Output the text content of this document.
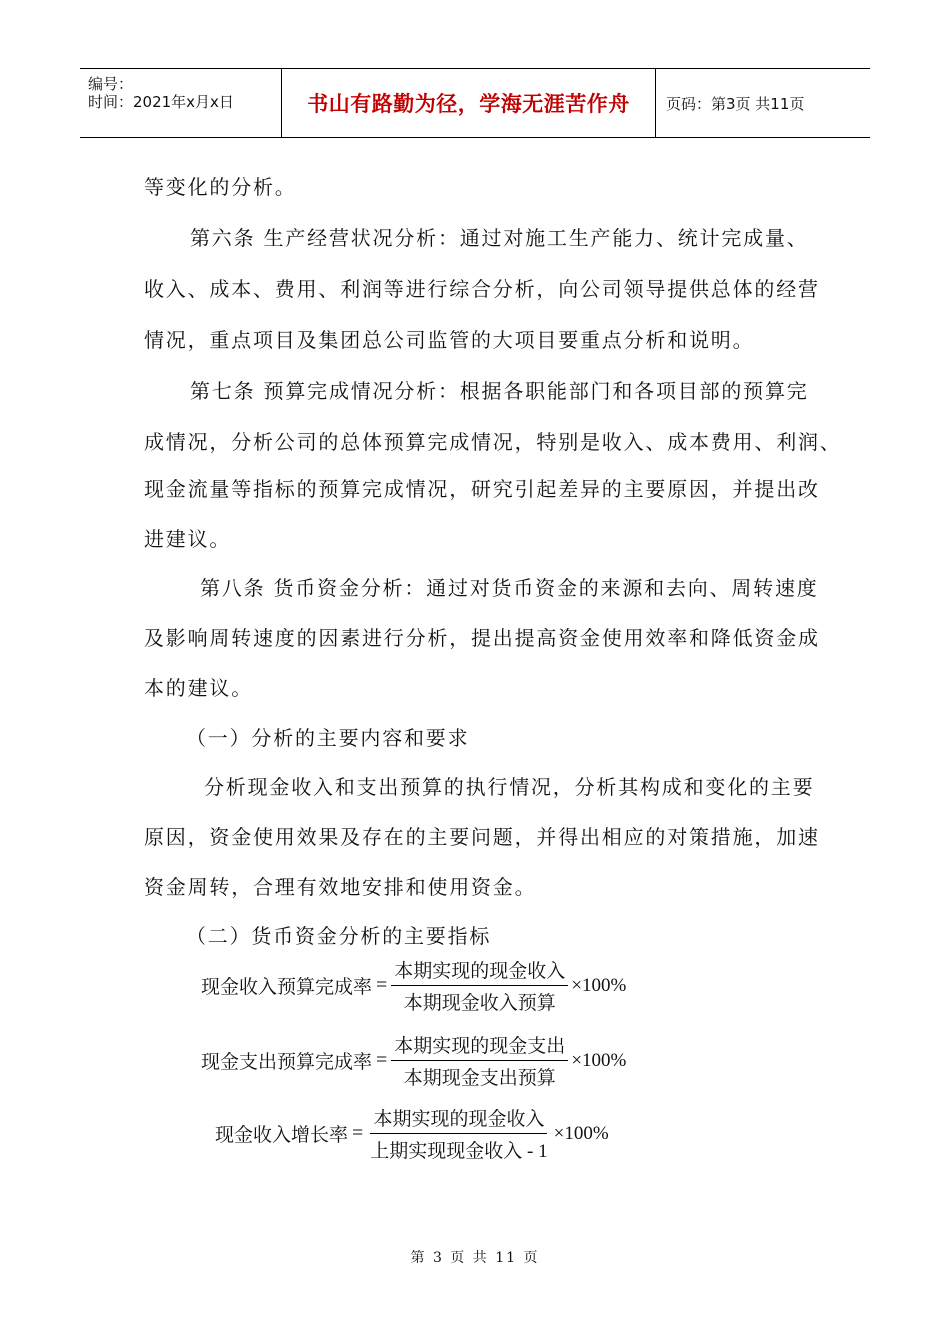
编号：
时间：2021年x月x日	书山有路勤为径，学海无涯苦作舟 页码：第3页 共11页
等变化的分析。
第六条 生产经营状况分析：通过对施工生产能力、统计完成量、
收入、成本、费用、利润等进行综合分析，向公司领导提供总体的经营
情况，重点项目及集团总公司监管的大项目要重点分析和说明。
第七条 预算完成情况分析：根据各职能部门和各项目部的预算完
成情况，分析公司的总体预算完成情况，特别是收入、成本费用、利润、
现金流量等指标的预算完成情况，研究引起差异的主要原因，并提出改
进建议。
第八条 货币资金分析：通过对货币资金的来源和去向、周转速度
及影响周转速度的因素进行分析，提出提高资金使用效率和降低资金成
本的建议。
（一）分析的主要内容和要求
分析现金收入和支出预算的执行情况，分析其构成和变化的主要
原因，资金使用效果及存在的主要问题，并得出相应的对策措施，加速
资金周转，合理有效地安排和使用资金。
（二）货币资金分析的主要指标
现金收入预算完成率 = $\frac{\text{本期实现的现金收入}}{\text{本期现金收入预算}} \times 100\%$
现金支出预算完成率 = $\frac{\text{本期实现的现金支出}}{\text{本期现金支出预算}} \times 100\%$
现金收入增长率 = $\frac{\text{本期实现的现金收入}}{\text{上期实现现金收入 - 1}} \times 100\%$
第 3 页 共 11 页
